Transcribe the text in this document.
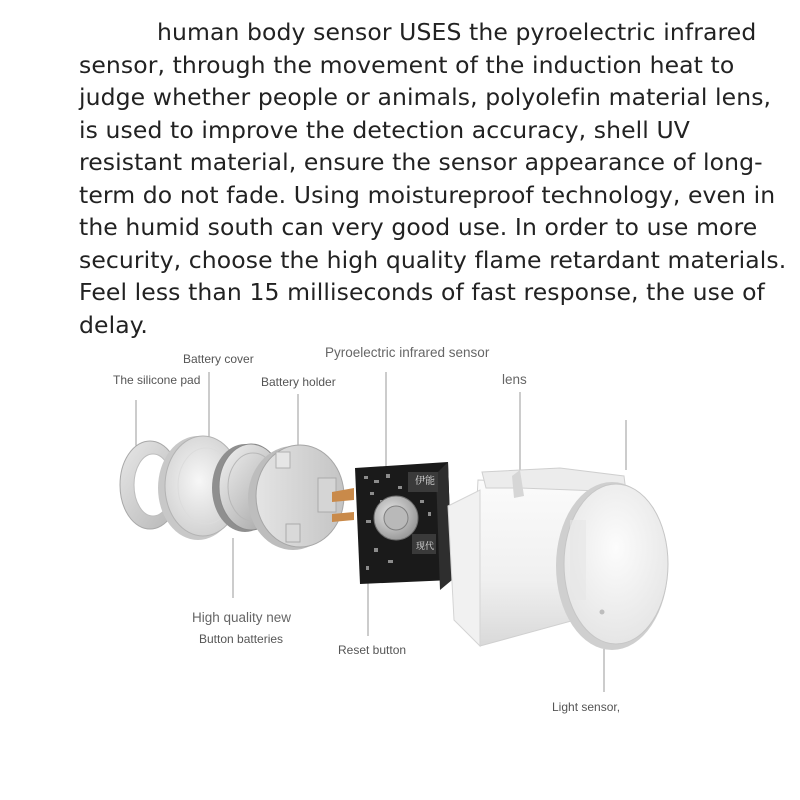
human body sensor USES the pyroelectric infrared sensor, through the movement of the induction heat to judge whether people or animals, polyolefin material lens, is used to improve the detection accuracy, shell UV resistant material, ensure the sensor appearance of long-term do not fade. Using moistureproof technology, even in the humid south can very good use. In order to use more security, choose the high quality flame retardant materials. Feel less than 15 milliseconds of fast response, the use of delay.

伊能
现代
The silicone pad
Battery cover
Battery holder
Pyroelectric infrared sensor
lens
High quality new
Button batteries
Reset button
Light sensor,
